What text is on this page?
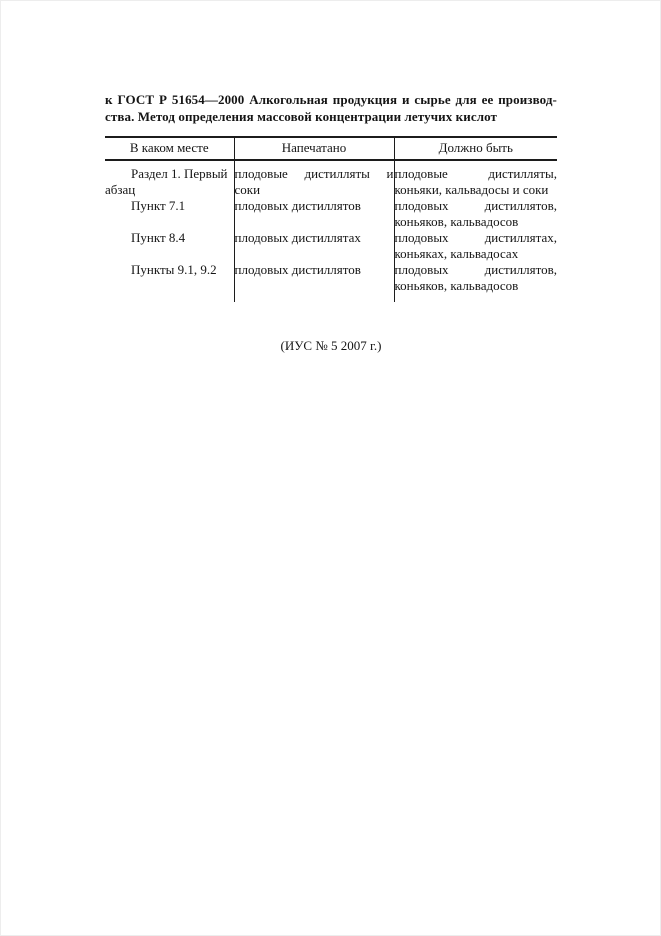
к ГОСТ Р 51654—2000 Алкогольная продукция и сырье для ее производ-
ства. Метод определения массовой концентрации летучих кислот
В каком месте	Напечатано	Должно быть
Раздел 1. Первый абзац	плодовые дистилляты и соки	плодовые дистилляты, коньяки, кальвадосы и соки
Пункт 7.1	плодовых дистиллятов	плодовых дистиллятов, коньяков, кальвадосов
Пункт 8.4	плодовых дистиллятах	плодовых дистиллятах, коньяках, кальвадосах
Пункты 9.1, 9.2	плодовых дистиллятов	плодовых дистиллятов, коньяков, кальвадосов
(ИУС № 5 2007 г.)
